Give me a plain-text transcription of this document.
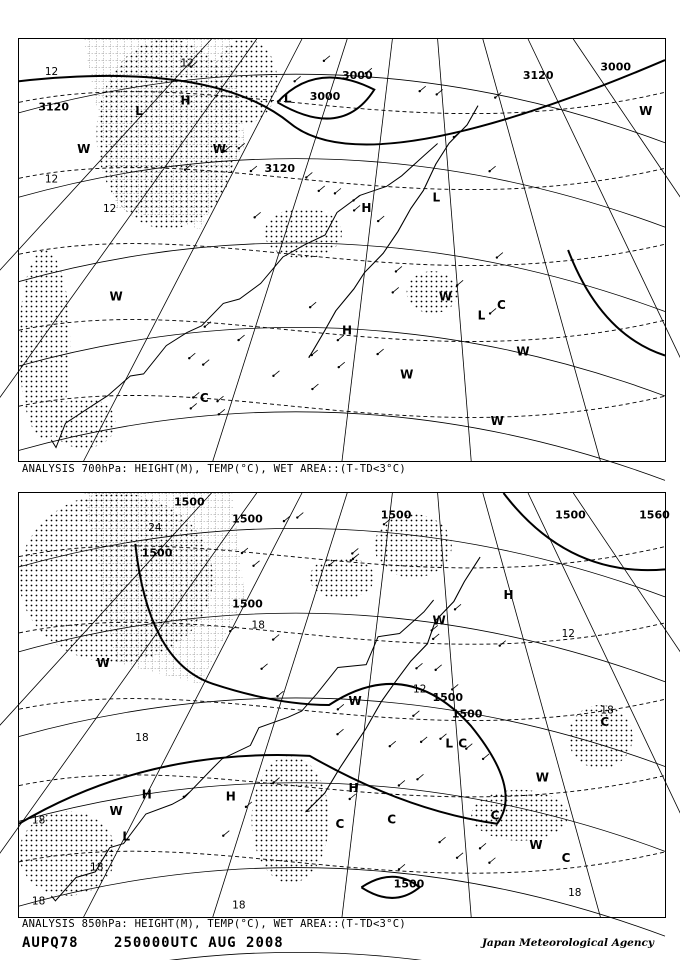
3120
3120
3120
3000
3000
3000
12
12
12
12
L
H	L
H
L
H
L
C
W	W
W	W
W
W
W
C
W
ANALYSIS 700hPa: HEIGHT(M), TEMP(°C), WET AREA::(T-TD<3°C)
1500
1500	1500
1500
1500
1500
1500
1500
1560
1500
24
18
18
18
18
18
18
18
18
12
12
H
H	H
H
C
C
C
C
C
C
W
W
W
W
W
L
L
W
ANALYSIS 850hPa: HEIGHT(M), TEMP(°C), WET AREA::(T-TD<3°C)
AUPQ78	250000UTC AUG 2008	Japan Meteorological Agency
